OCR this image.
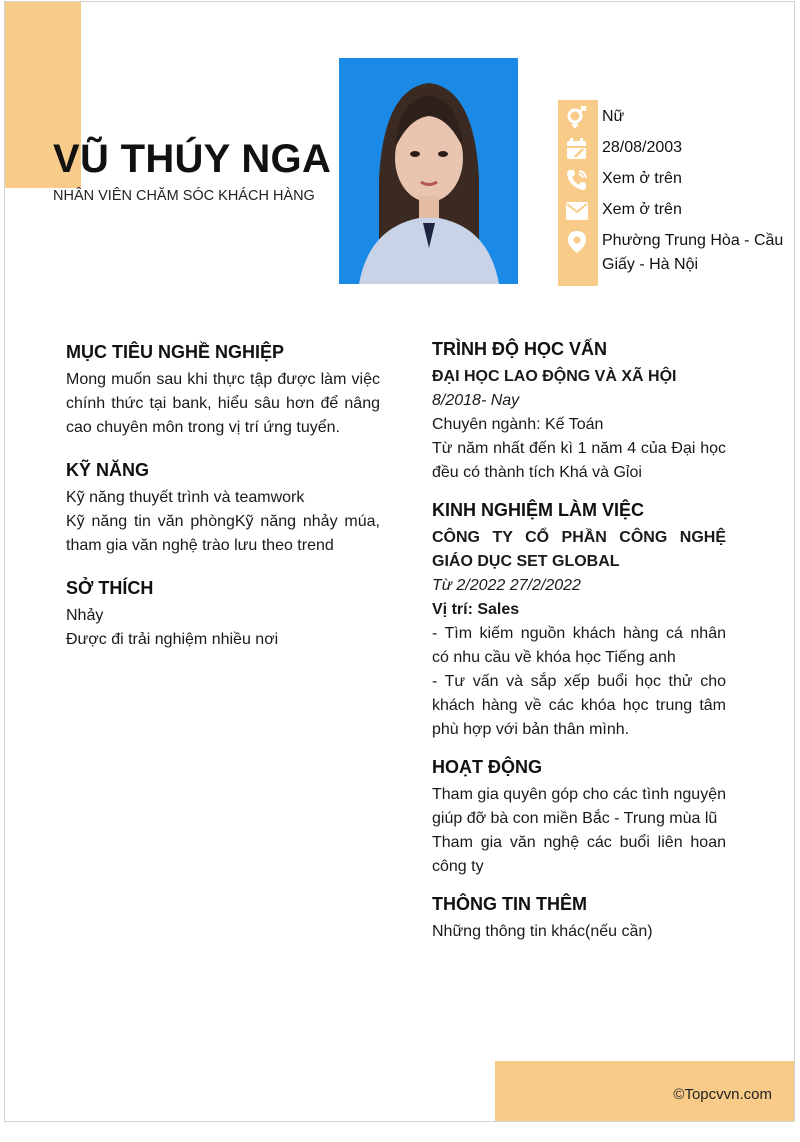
VŨ THÚY NGA
NHÂN VIÊN CHĂM SÓC KHÁCH HÀNG
Nữ
28/08/2003
Xem ở trên
Xem ở trên
Phường Trung Hòa - Cầu Giấy - Hà Nội
MỤC TIÊU NGHỀ NGHIỆP

Mong muốn sau khi thực tập được làm việc chính thức tại bank, hiểu sâu hơn để nâng cao chuyên môn trong vị trí ứng tuyển.

KỸ NĂNG

Kỹ năng thuyết trình và teamwork

Kỹ năng tin văn phòngKỹ năng nhảy múa, tham gia văn nghệ trào lưu theo trend

SỞ THÍCH

Nhảy

Được đi trải nghiệm nhiều nơi

TRÌNH ĐỘ HỌC VẤN

ĐẠI HỌC LAO ĐỘNG VÀ XÃ HỘI

8/2018- Nay

Chuyên ngành: Kế Toán

Từ năm nhất đến kì 1 năm 4 của Đại học đều có thành tích Khá và Gỉoi

KINH NGHIỆM LÀM VIỆC

CÔNG TY CỔ PHẦN CÔNG NGHỆ GIÁO DỤC SET GLOBAL

Từ 2/2022 27/2/2022

Vị trí: Sales

- Tìm kiếm nguồn khách hàng cá nhân có nhu cầu về khóa học Tiếng anh

- Tư vấn và sắp xếp buổi học thử cho khách hàng về các khóa học trung tâm phù hợp với bản thân mình.

HOẠT ĐỘNG

Tham gia quyên góp cho các tình nguyện giúp đỡ bà con miền Bắc - Trung mùa lũ

Tham gia văn nghệ các buổi liên hoan công ty

THÔNG TIN THÊM

Những thông tin khác(nếu cần)

©Topcvvn.com
